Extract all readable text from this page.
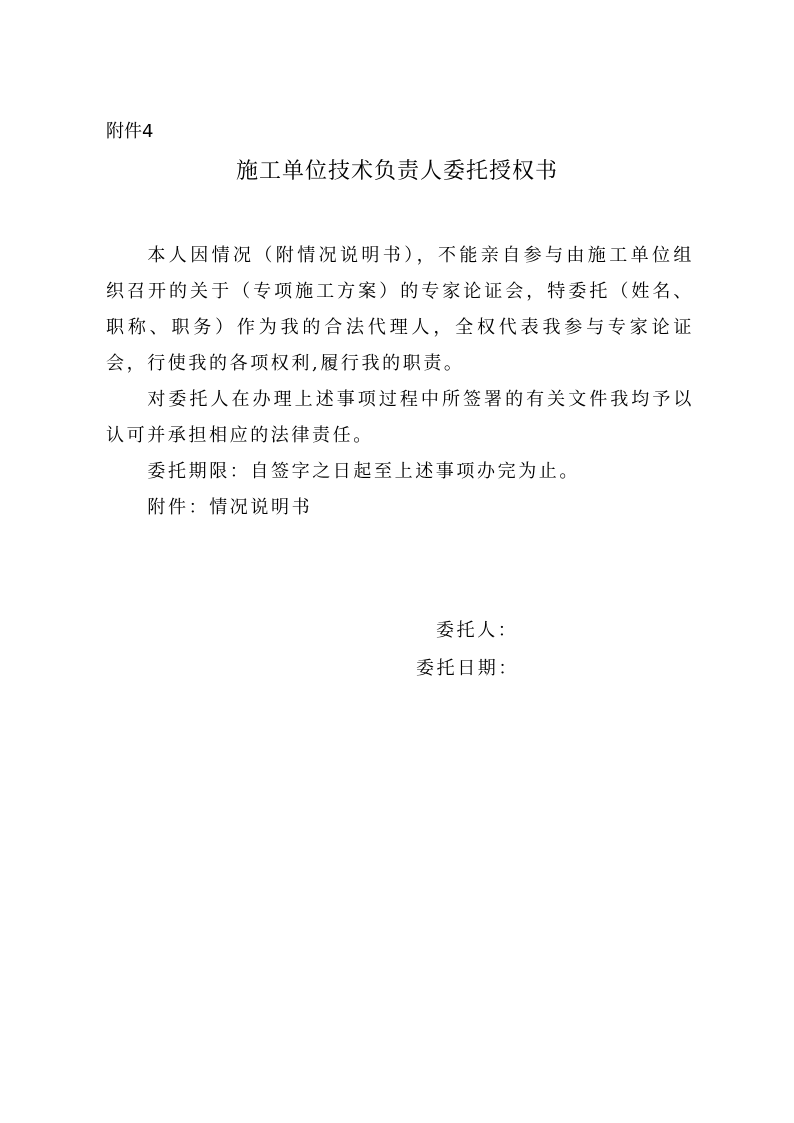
附件4
施工单位技术负责人委托授权书

本人因情况（附情况说明书），不能亲自参与由施工单位组织召开的关于（专项施工方案）的专家论证会，特委托（姓名、职称、职务）作为我的合法代理人，全权代表我参与专家论证会，行使我的各项权利,履行我的职责。

对委托人在办理上述事项过程中所签署的有关文件我均予以认可并承担相应的法律责任。

委托期限：自签字之日起至上述事项办完为止。

附件：情况说明书

委托人：
委托日期：
